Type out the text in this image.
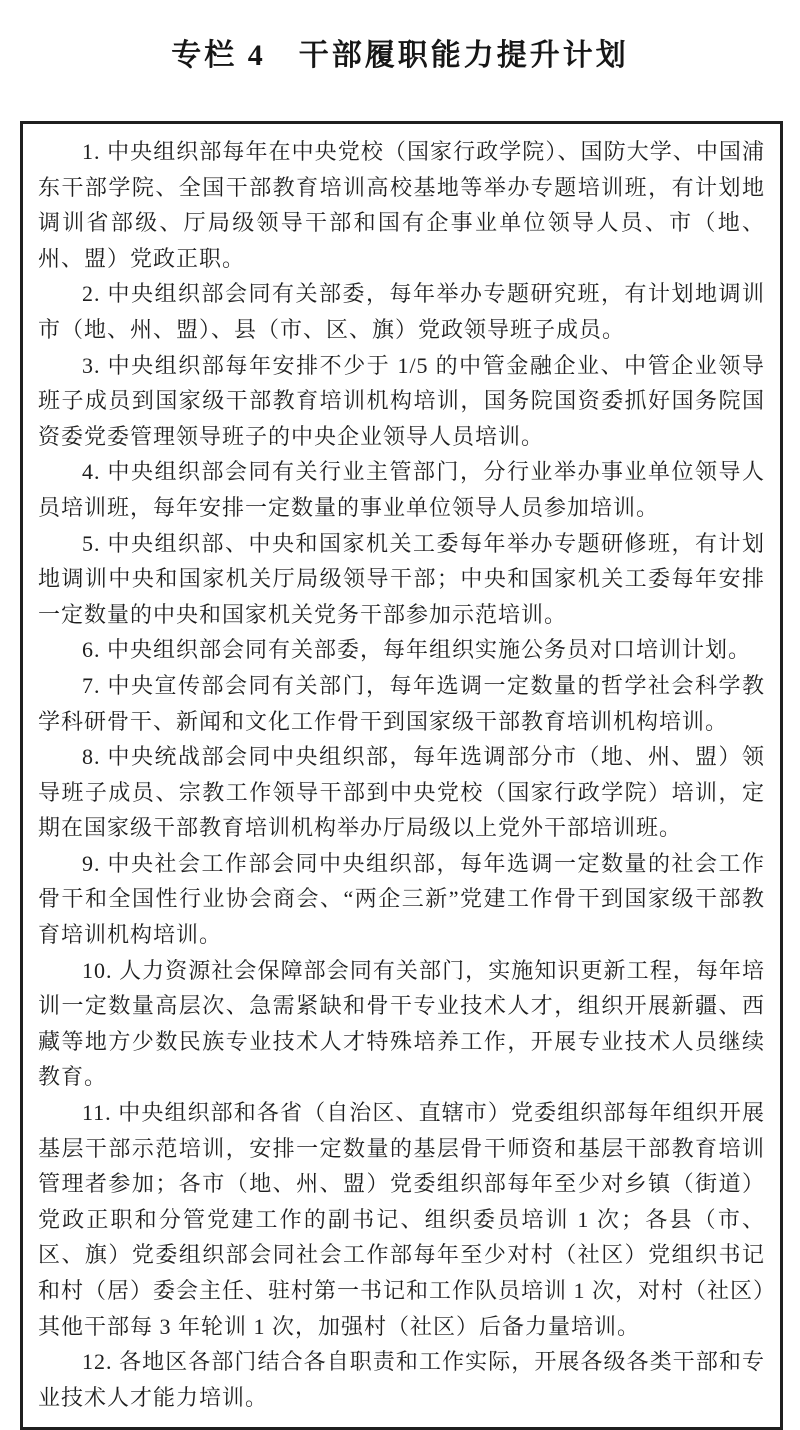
专栏 4　干部履职能力提升计划

1. 中央组织部每年在中央党校（国家行政学院）、国防大学、中国浦东干部学院、全国干部教育培训高校基地等举办专题培训班，有计划地调训省部级、厅局级领导干部和国有企事业单位领导人员、市（地、州、盟）党政正职。

2. 中央组织部会同有关部委，每年举办专题研究班，有计划地调训市（地、州、盟）、县（市、区、旗）党政领导班子成员。

3. 中央组织部每年安排不少于 1/5 的中管金融企业、中管企业领导班子成员到国家级干部教育培训机构培训，国务院国资委抓好国务院国资委党委管理领导班子的中央企业领导人员培训。

4. 中央组织部会同有关行业主管部门，分行业举办事业单位领导人员培训班，每年安排一定数量的事业单位领导人员参加培训。

5. 中央组织部、中央和国家机关工委每年举办专题研修班，有计划地调训中央和国家机关厅局级领导干部；中央和国家机关工委每年安排一定数量的中央和国家机关党务干部参加示范培训。

6. 中央组织部会同有关部委，每年组织实施公务员对口培训计划。

7. 中央宣传部会同有关部门，每年选调一定数量的哲学社会科学教学科研骨干、新闻和文化工作骨干到国家级干部教育培训机构培训。

8. 中央统战部会同中央组织部，每年选调部分市（地、州、盟）领导班子成员、宗教工作领导干部到中央党校（国家行政学院）培训，定期在国家级干部教育培训机构举办厅局级以上党外干部培训班。

9. 中央社会工作部会同中央组织部，每年选调一定数量的社会工作骨干和全国性行业协会商会、“两企三新”党建工作骨干到国家级干部教育培训机构培训。

10. 人力资源社会保障部会同有关部门，实施知识更新工程，每年培训一定数量高层次、急需紧缺和骨干专业技术人才，组织开展新疆、西藏等地方少数民族专业技术人才特殊培养工作，开展专业技术人员继续教育。

11. 中央组织部和各省（自治区、直辖市）党委组织部每年组织开展基层干部示范培训，安排一定数量的基层骨干师资和基层干部教育培训管理者参加；各市（地、州、盟）党委组织部每年至少对乡镇（街道）党政正职和分管党建工作的副书记、组织委员培训 1 次；各县（市、区、旗）党委组织部会同社会工作部每年至少对村（社区）党组织书记和村（居）委会主任、驻村第一书记和工作队员培训 1 次，对村（社区）其他干部每 3 年轮训 1 次，加强村（社区）后备力量培训。

12. 各地区各部门结合各自职责和工作实际，开展各级各类干部和专业技术人才能力培训。
